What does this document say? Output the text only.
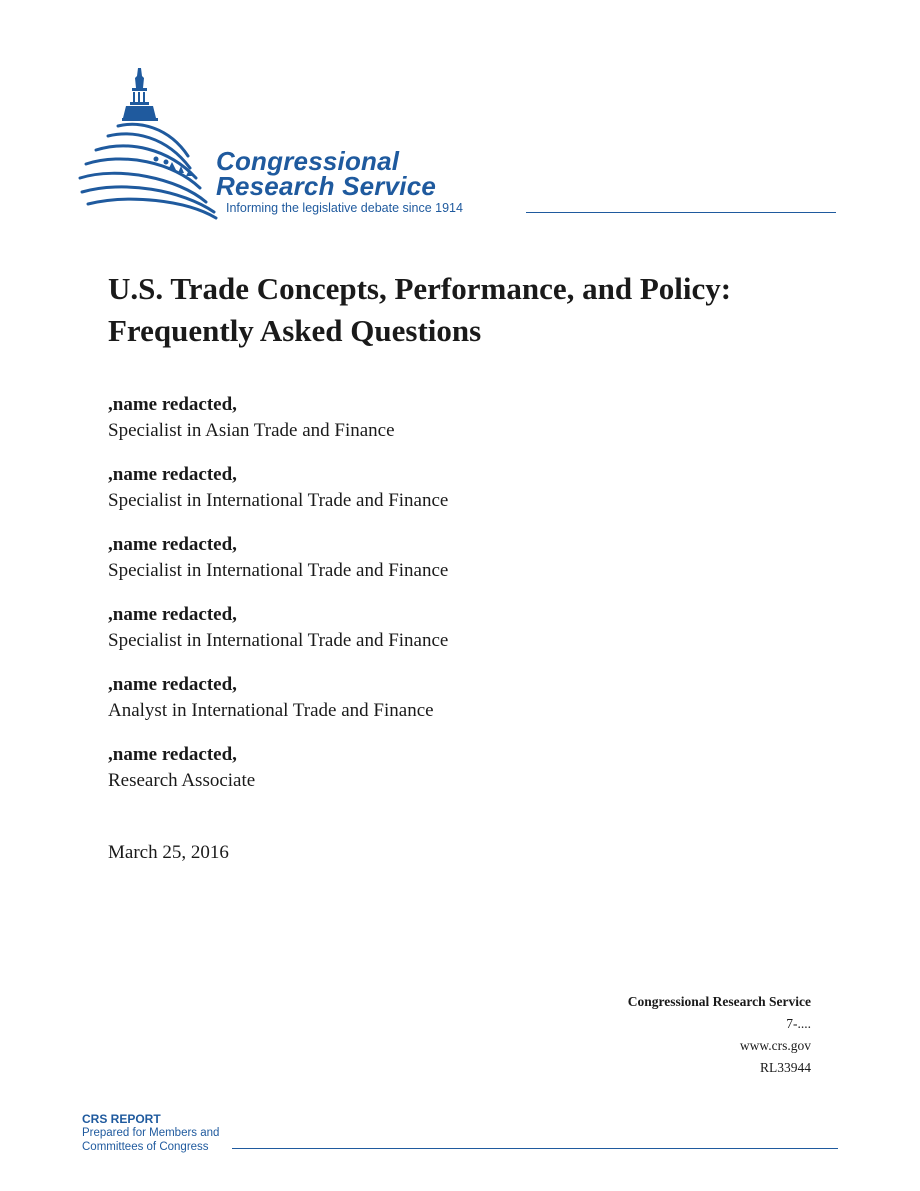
Congressional
Research Service
Informing the legislative debate since 1914
U.S. Trade Concepts, Performance, and Policy:
Frequently Asked Questions
,name redacted,
Specialist in Asian Trade and Finance
,name redacted,
Specialist in International Trade and Finance
,name redacted,
Specialist in International Trade and Finance
,name redacted,
Specialist in International Trade and Finance
,name redacted,
Analyst in International Trade and Finance
,name redacted,
Research Associate
March 25, 2016
Congressional Research Service
7-....
www.crs.gov
RL33944
CRS REPORT
Prepared for Members and
Committees of Congress
